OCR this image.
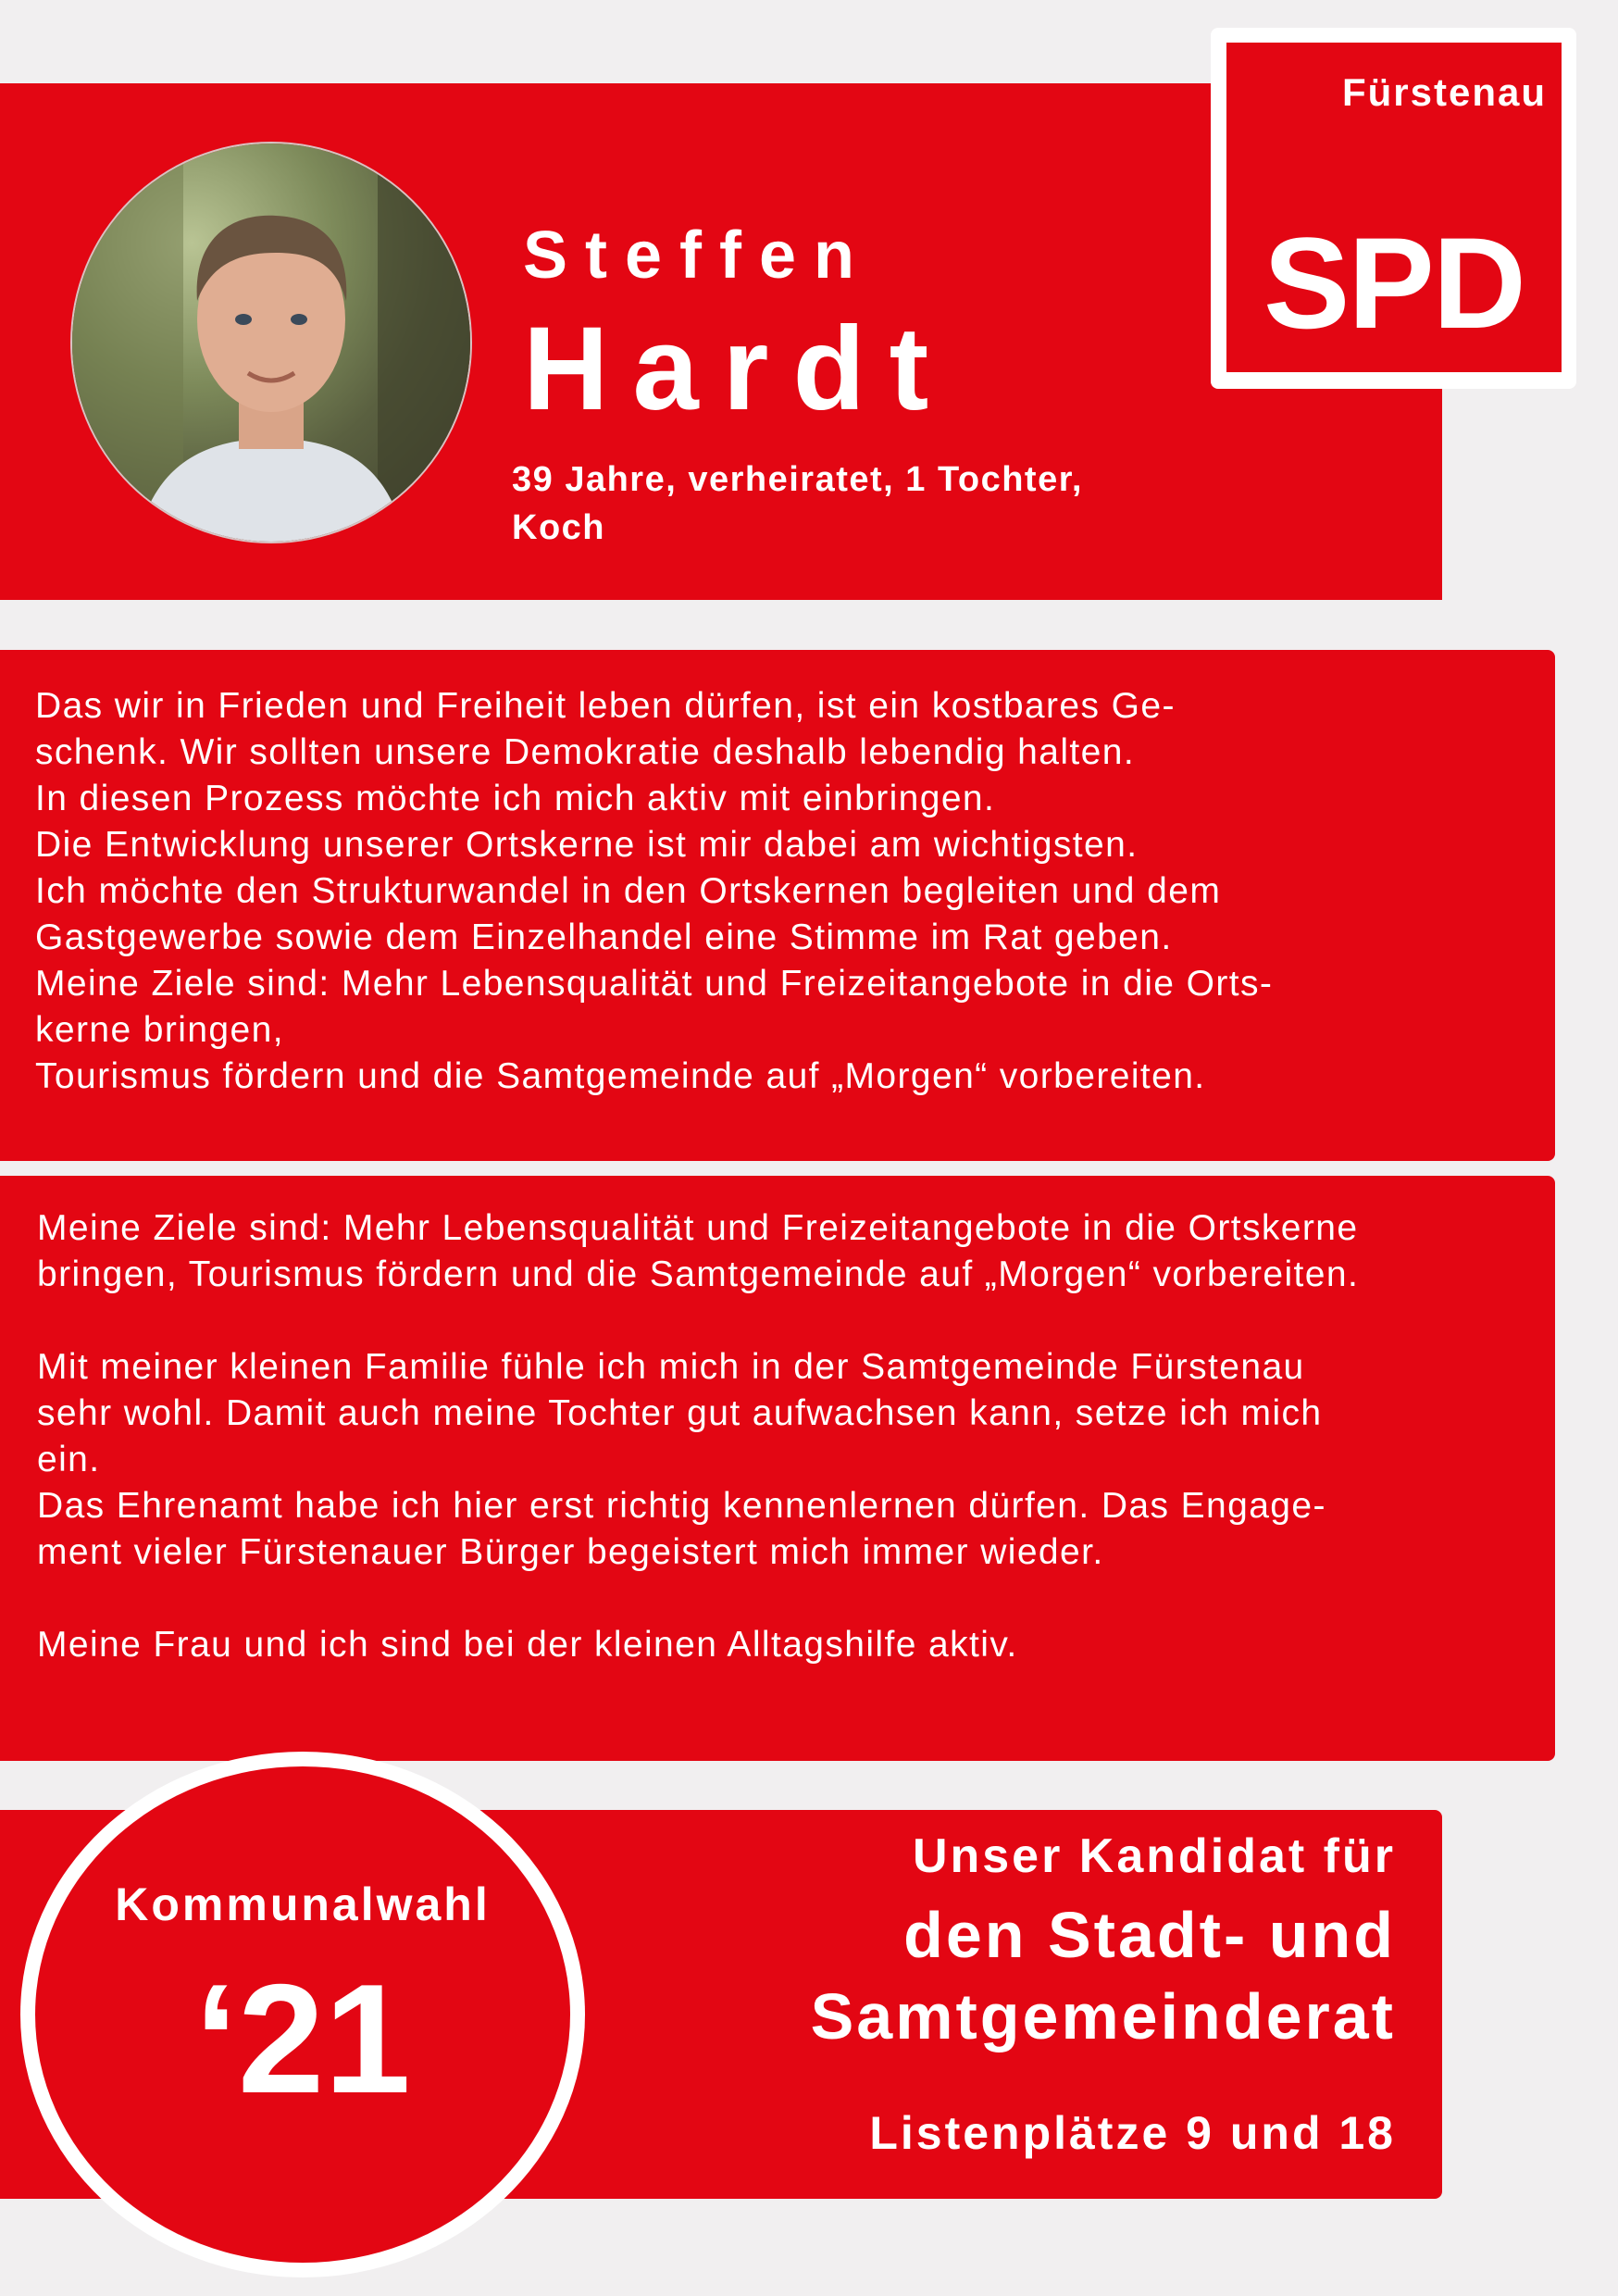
Steffen
Hardt
39 Jahre, verheiratet, 1 Tochter,
Koch
Fürstenau
SPD

Das wir in Frieden und Freiheit leben dürfen, ist ein kostbares Ge-
schenk. Wir sollten unsere Demokratie deshalb lebendig halten.
In diesen Prozess möchte ich mich aktiv mit einbringen.
Die Entwicklung unserer Ortskerne ist mir dabei am wichtigsten.
Ich möchte den Strukturwandel in den Ortskernen begleiten und dem
Gastgewerbe sowie dem Einzelhandel eine Stimme im Rat geben.
Meine Ziele sind: Mehr Lebensqualität und Freizeitangebote in die Orts-
kerne bringen,
Tourismus fördern und die Samtgemeinde auf „Morgen“ vorbereiten.

Meine Ziele sind: Mehr Lebensqualität und Freizeitangebote in die Ortskerne
bringen, Tourismus fördern und die Samtgemeinde auf „Morgen“ vorbereiten.

Mit meiner kleinen Familie fühle ich mich in der Samtgemeinde Fürstenau
sehr wohl. Damit auch meine Tochter gut aufwachsen kann, setze ich mich
ein.
Das Ehrenamt habe ich hier erst richtig kennenlernen dürfen. Das Engage-
ment vieler Fürstenauer Bürger begeistert mich immer wieder.

Meine Frau und ich sind bei der kleinen Alltagshilfe aktiv.

Unser Kandidat für
den Stadt- und
Samtgemeinderat
Listenplätze 9 und 18
Kommunalwahl
‘21
